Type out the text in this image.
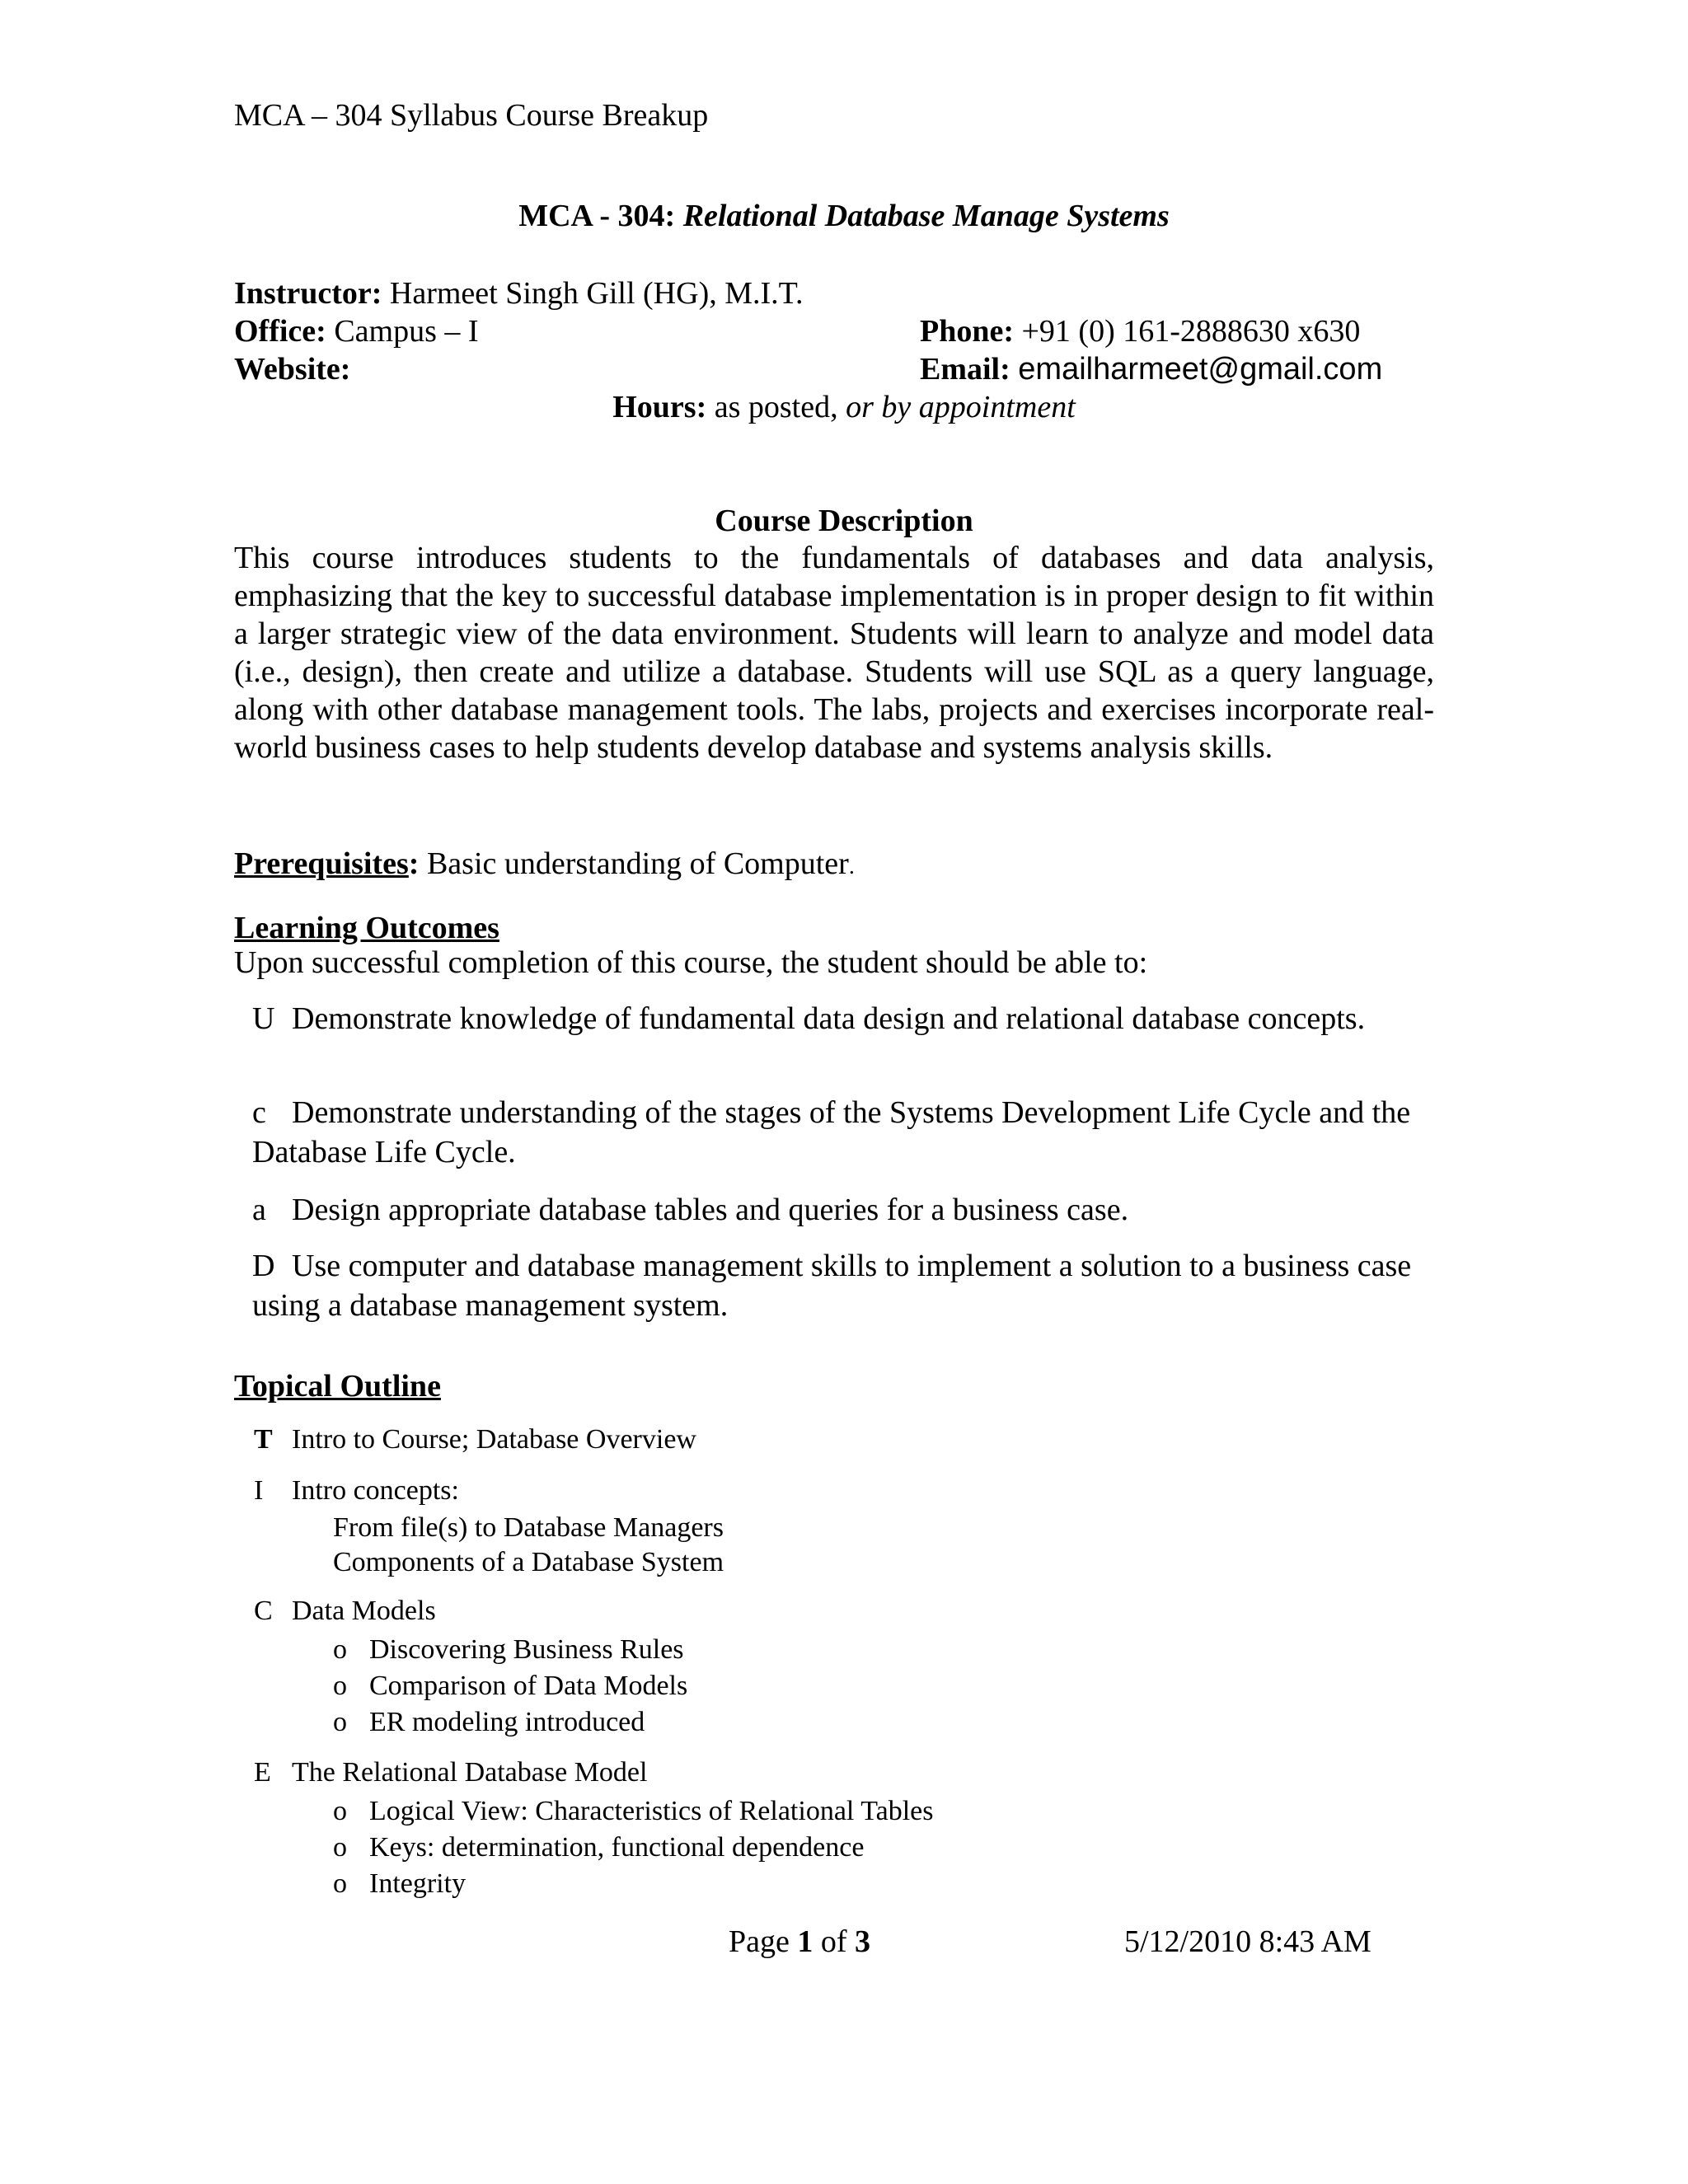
MCA – 304 Syllabus Course Breakup
MCA - 304: Relational Database Manage Systems
Instructor: Harmeet Singh Gill (HG), M.I.T.
Office: Campus – I	Phone: +91 (0) 161-2888630 x630
Website:	Email: emailharmeet@gmail.com
Hours: as posted, or by appointment
Course Description
This course introduces students to the fundamentals of databases and data analysis, emphasizing that the key to successful database implementation is in proper design to fit within a larger strategic view of the data environment. Students will learn to analyze and model data (i.e., design), then create and utilize a database. Students will use SQL as a query language, along with other database management tools. The labs, projects and exercises incorporate real-world business cases to help students develop database and systems analysis skills.
Prerequisites: Basic understanding of Computer.
Learning Outcomes
Upon successful completion of this course, the student should be able to:
U Demonstrate knowledge of fundamental data design and relational database concepts.
c Demonstrate understanding of the stages of the Systems Development Life Cycle and the Database Life Cycle.
a Design appropriate database tables and queries for a business case.
D Use computer and database management skills to implement a solution to a business case using a database management system.
Topical Outline
T Intro to Course; Database Overview
I Intro concepts:
From file(s) to Database Managers
Components of a Database System
C Data Models
o Discovering Business Rules
o Comparison of Data Models
o ER modeling introduced
E The Relational Database Model
o Logical View: Characteristics of Relational Tables
o Keys: determination, functional dependence
o Integrity
Page 1 of 3	5/12/2010 8:43 AM
